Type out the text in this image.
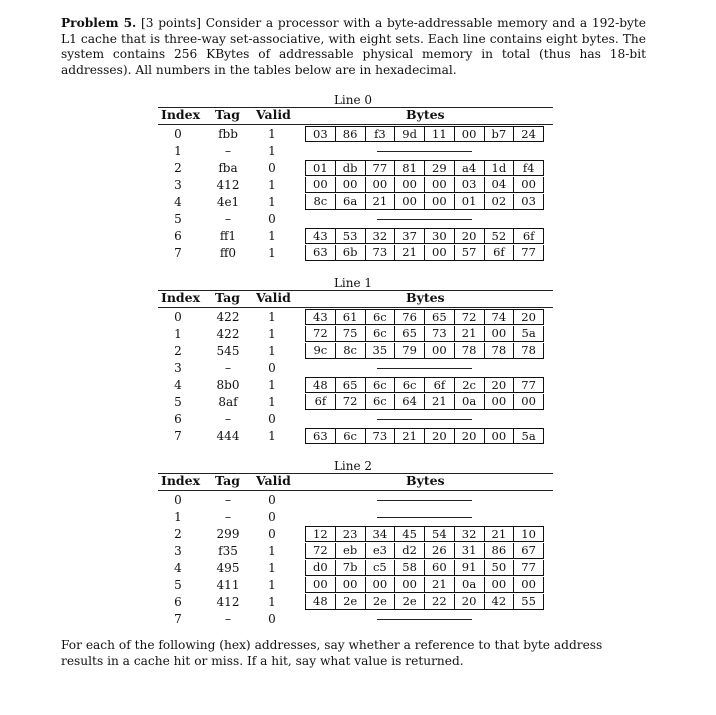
Problem 5. [3 points] Consider a processor with a byte-addressable memory and a 192-byte L1 cache that is three-way set-associative, with eight sets. Each line contains eight bytes. The system contains 256 KBytes of addressable physical memory in total (thus has 18-bit addresses). All numbers in the tables below are in hexadecimal.

Line 0
Index Tag Valid	Bytes
0	fbb	1	03	86	f3	9d	11	00	b7	24
1	–	1
2	fba	0	01	db	77	81	29	a4	1d	f4
3	412	1	00	00	00	00	00	03	04	00
4	4e1	1	8c	6a	21	00	00	01	02	03
5	–	0
6	ff1	1	43	53	32	37	30	20	52	6f
7	ff0	1	63	6b	73	21	00	57	6f	77
Line 1
Index Tag Valid	Bytes
0	422	1	43	61	6c	76	65	72	74	20
1	422	1	72	75	6c	65	73	21	00	5a
2	545	1	9c	8c	35	79	00	78	78	78
3	–	0
4	8b0	1	48	65	6c	6c	6f	2c	20	77
5	8af	1	6f	72	6c	64	21	0a	00	00
6	–	0
7	444	1	63	6c	73	21	20	20	00	5a
Line 2
Index Tag Valid	Bytes
0	–	0
1	–	0
2	299	0	12	23	34	45	54	32	21	10
3	f35	1	72	eb	e3	d2	26	31	86	67
4	495	1	d0	7b	c5	58	60	91	50	77
5	411	1	00	00	00	00	21	0a	00	00
6	412	1	48	2e	2e	2e	22	20	42	55
7	–	0

For each of the following (hex) addresses, say whether a reference to that byte address results in a cache hit or miss. If a hit, say what value is returned.
